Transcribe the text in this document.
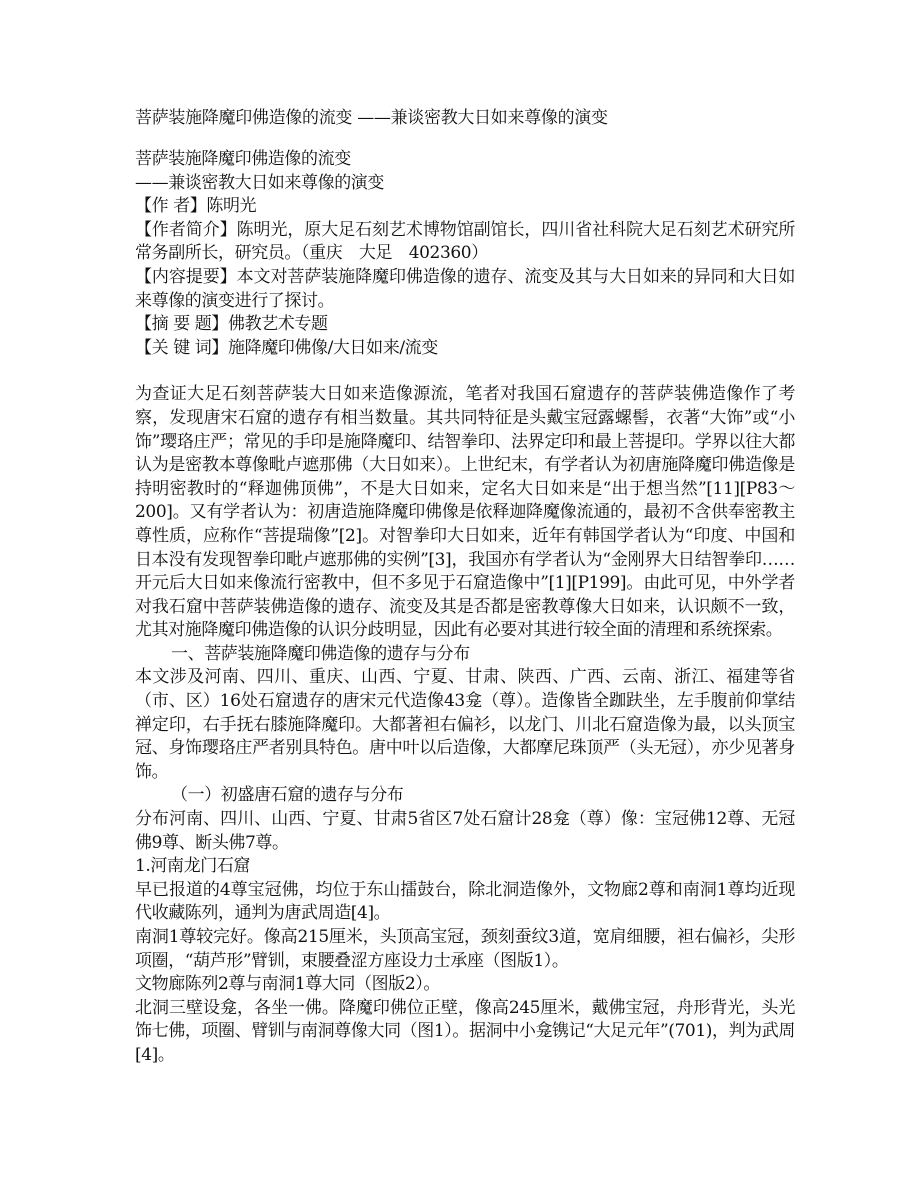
菩萨装施降魔印佛造像的流变 ——兼谈密教大日如来尊像的演变

菩萨装施降魔印佛造像的流变

——兼谈密教大日如来尊像的演变

【作 者】陈明光

【作者简介】陈明光，原大足石刻艺术博物馆副馆长，四川省社科院大足石刻艺术研究所常务副所长，研究员。（重庆　大足　402360）

【内容提要】本文对菩萨装施降魔印佛造像的遗存、流变及其与大日如来的异同和大日如来尊像的演变进行了探讨。

【摘 要 题】佛教艺术专题

【关 键 词】施降魔印佛像/大日如来/流变

为查证大足石刻菩萨装大日如来造像源流，笔者对我国石窟遗存的菩萨装佛造像作了考察，发现唐宋石窟的遗存有相当数量。其共同特征是头戴宝冠露螺髻，衣著“大饰”或“小饰”璎珞庄严；常见的手印是施降魔印、结智拳印、法界定印和最上菩提印。学界以往大都认为是密教本尊像毗卢遮那佛（大日如来）。上世纪末，有学者认为初唐施降魔印佛造像是持明密教时的“释迦佛顶佛”，不是大日如来，定名大日如来是“出于想当然”[11][P83～200]。又有学者认为：初唐造施降魔印佛像是依释迦降魔像流通的，最初不含供奉密教主尊性质，应称作“菩提瑞像”[2]。对智拳印大日如来，近年有韩国学者认为“印度、中国和日本没有发现智拳印毗卢遮那佛的实例”[3]，我国亦有学者认为“金刚界大日结智拳印……开元后大日如来像流行密教中，但不多见于石窟造像中”[1][P199]。由此可见，中外学者对我石窟中菩萨装佛造像的遗存、流变及其是否都是密教尊像大日如来，认识颇不一致，尤其对施降魔印佛造像的认识分歧明显，因此有必要对其进行较全面的清理和系统探索。

一、菩萨装施降魔印佛造像的遗存与分布

本文涉及河南、四川、重庆、山西、宁夏、甘肃、陕西、广西、云南、浙江、福建等省（市、区）16处石窟遗存的唐宋元代造像43龛（尊）。造像皆全跏趺坐，左手腹前仰掌结禅定印，右手抚右膝施降魔印。大都著袒右偏衫，以龙门、川北石窟造像为最，以头顶宝冠、身饰璎珞庄严者别具特色。唐中叶以后造像，大都摩尼珠顶严（头无冠），亦少见著身饰。

（一）初盛唐石窟的遗存与分布

分布河南、四川、山西、宁夏、甘肃5省区7处石窟计28龛（尊）像：宝冠佛12尊、无冠佛9尊、断头佛7尊。

1.河南龙门石窟

早已报道的4尊宝冠佛，均位于东山擂鼓台，除北洞造像外，文物廊2尊和南洞1尊均近现代收藏陈列，通判为唐武周造[4]。

南洞1尊较完好。像高215厘米，头顶高宝冠，颈刻蚕纹3道，宽肩细腰，袒右偏衫，尖形项圈，“葫芦形”臂钏，束腰叠涩方座设力士承座（图版1）。

文物廊陈列2尊与南洞1尊大同（图版2）。

北洞三壁设龛，各坐一佛。降魔印佛位正壁，像高245厘米，戴佛宝冠，舟形背光，头光饰七佛，项圈、臂钏与南洞尊像大同（图1）。据洞中小龛镌记“大足元年”(701)，判为武周[4]。
